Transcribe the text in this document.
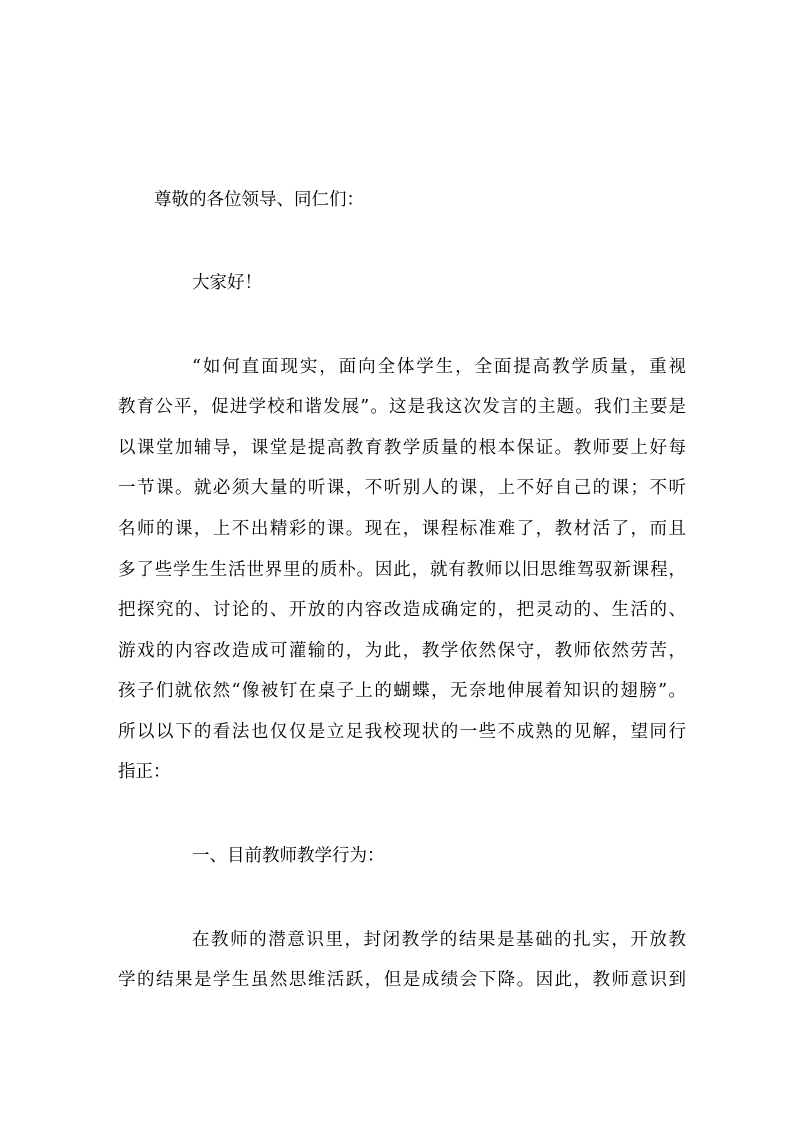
尊敬的各位领导、同仁们：
大家好！
“如何直面现实，面向全体学生，全面提高教学质量，重视
教育公平，促进学校和谐发展”。这是我这次发言的主题。我们主要是
以课堂加辅导，课堂是提高教育教学质量的根本保证。教师要上好每
一节课。就必须大量的听课，不听别人的课，上不好自己的课；不听
名师的课，上不出精彩的课。现在，课程标准难了，教材活了，而且
多了些学生生活世界里的质朴。因此，就有教师以旧思维驾驭新课程，
把探究的、讨论的、开放的内容改造成确定的，把灵动的、生活的、
游戏的内容改造成可灌输的，为此，教学依然保守，教师依然劳苦，
孩子们就依然“像被钉在桌子上的蝴蝶，无奈地伸展着知识的翅膀”。
所以以下的看法也仅仅是立足我校现状的一些不成熟的见解，望同行
指正：
一、目前教师教学行为：
在教师的潜意识里，封闭教学的结果是基础的扎实，开放教
学的结果是学生虽然思维活跃，但是成绩会下降。因此，教师意识到
